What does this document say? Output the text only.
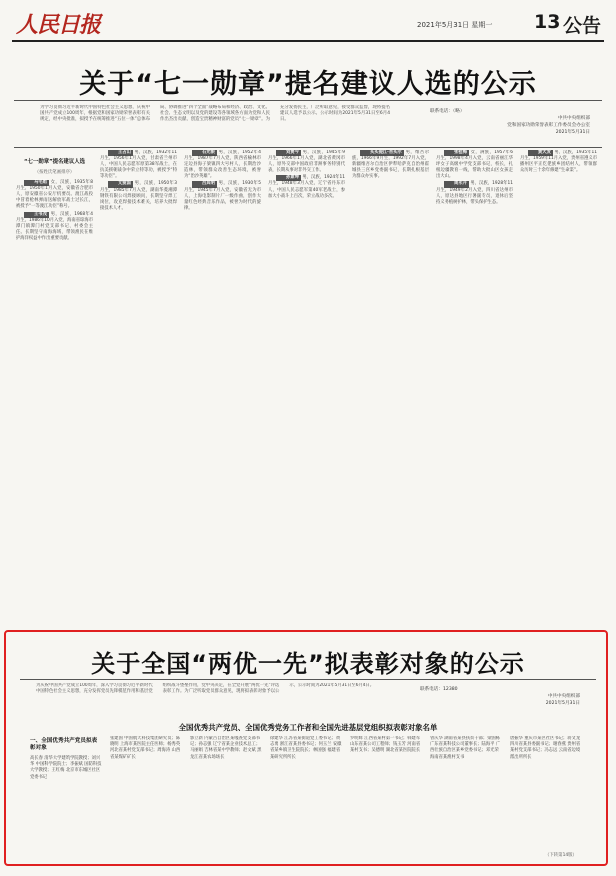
人民日报	2021年5月31日 星期一 13 公告
关于“七一勋章”提名建议人选的公示
为学习贯彻习近平新时代中国特色社会主义思想，庆祝中国共产党成立100周年，根据党和国家功勋荣誉表彰有关规定，经中央批准，拟授予在统筹推进“五位一体”总体布局、协调推进“四个全面”战略布局和经济、政治、文化、社会、生态文明以及党的建设等各领域各方面为党和人民作出杰出贡献、创造宝贵精神财富的党员“七一勋章”。为充分发扬民主，广泛听取意见，接受群众监督，现将提名建议人选予以公示。公示时间为2021年5月31日至6月4日。
联系电话：（略）
中共中央组织部
党和国家功勋荣誉表彰工作委员会办公室
2021年5月31日
“七一勋章”提名建议人选
（按姓氏笔画排序）

马毛姐 女，汉族，1935年8月生，1950年1月入党，安徽省合肥市人，原安徽省公安厅机要员。渡江战役中冒着枪林弹雨送解放军战士过长江，被授予“一等渡江功臣”称号。

王书茂 男，汉族，1968年4月生，1986年10月入党，海南省琼海市潭门镇潭门村党支部书记、村委会主任。长期坚守南海海域，带领渔民在维护海洋权益中作出重要贡献。

王占山 男，汉族，1932年11月生，1956年1月入党，甘肃省兰州市人，中国人民志愿军原第38军战士，在抗美援朝战争中荣立特等功，被授予“特等功臣”。

艾爱国 男，汉族，1950年3月生，1985年7月入党，湖南华菱湘潭钢铁有限公司焊接顾问，长期坚守焊工岗位，攻克焊接技术难关，培养大批焊接技术人才。

石光银 男，汉族，1952年4月生，1987年7月入党，陕西省榆林市定边县海子梁镇四大号村人，长期治沙造林，带领群众改善生态环境，被誉为“治沙英雄”。

吕其明 男，汉族，1930年5月生，1945年7月入党，安徽省无为市人，上海电影制片厂一级作曲，创作大量红色经典音乐作品，被誉为时代的旋律。

刘贵今 男，汉族，1945年9月生，1966年1月入党，湖北省黄冈市人，原外交部中国政府非洲事务特别代表，长期从事对非外交工作。

孙景坤 男，汉族，1924年11月生，1948年3月入党，辽宁省丹东市人，中国人民志愿军第40军老战士，参加大小战斗上百次，荣立战功多次。

买买提江·吾买尔 男，维吾尔族，1966年9月生，1992年7月入党，新疆维吾尔自治区伊犁哈萨克自治州霍城县三宫乡党委副书记，长期扎根基层为群众办实事。

张桂梅 女，满族，1957年6月生，1998年4月入党，云南省丽江华坪女子高级中学党支部书记、校长，扎根边疆教育一线，帮助大批山区女孩走出大山。

周永开 男，汉族，1928年11月生，1949年2月入党，四川省达州市人，原达县地区行署副专员，退休后坚持义务植树护林，带头保护生态。

黄大发 男，汉族，1935年11月生，1959年11月入党，贵州省遵义市播州区平正仡佬族乡团结村人，带领群众历时三十余年修建“生命渠”。

关于全国“两优一先”拟表彰对象的公示
为庆祝中国共产党成立100周年，深入学习贯彻习近平新时代中国特色社会主义思想，充分发挥党员先锋模范作用和基层党组织战斗堡垒作用，党中央决定，在全党开展“两优一先”评选表彰工作。为广泛听取党员群众意见，现将拟表彰对象予以公示，公示时间为2021年5月31日至6月4日。
联系电话：12380
中共中央组织部
2021年5月31日
全国优秀共产党员、全国优秀党务工作者和全国先进基层党组织拟表彰对象名单
一、全国优秀共产党员拟表彰对象

高长春 清华大学建筑学院教授；刘兴华 中国科学院院士；李振斌 国防科技大学教授；王红梅 北京市东城区社区党委书记

张建国 中国航天科技集团研究员；陈晓明 上海市某医院主任医师；杨秀英 河北省某村党支部书记；周海涛 山西省某煤矿矿长

郭立新 内蒙古自治区某嘎查党支部书记；孙志强 辽宁省某企业技术总工；马丽娟 吉林省某中学教师；赵文斌 黑龙江省某农场场长

徐建华 江苏省某街道党工委书记；黄志勇 浙江省某县委书记；何玉兰 安徽省某乡镇卫生院院长；林国强 福建省某研究所所长

罗明辉 江西省某村第一书记；韩建军 山东省某公司工程师；钱玉芳 河南省某村支书；吴德明 湖北省某医院院长

曾庆华 湖南省某县扶贫干部；梁国栋 广东省某科技公司董事长；陆海平 广西壮族自治区某乡党委书记；邓光荣 海南省某渔村支书

唐振华 重庆市某区社区书记；蒋文龙 四川省某县委副书记；谢春燕 贵州省某村党支部书记；冯志远 云南省边境派出所所长

（下转第14版）
